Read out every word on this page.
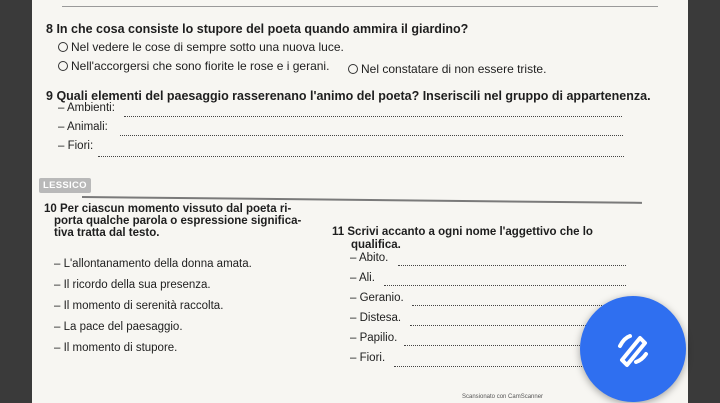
8 In che cosa consiste lo stupore del poeta quando ammira il giardino?
Nel vedere le cose di sempre sotto una nuova luce.
Nell'accorgersi che sono fiorite le rose e i gerani.	Nel constatare di non essere triste.
9 Quali elementi del paesaggio rasserenano l'animo del poeta? Inseriscili nel gruppo di appartenenza.
– Ambienti:
– Animali:
– Fiori:
LESSICO
10 Per ciascun momento vissuto dal poeta ri-
porta qualche parola o espressione significa-
tiva tratta dal testo.
– L'allontanamento della donna amata.
– Il ricordo della sua presenza.
– Il momento di serenità raccolta.
– La pace del paesaggio.
– Il momento di stupore.
11 Scrivi accanto a ogni nome l'aggettivo che lo
qualifica.
– Abito.
– Ali.
– Geranio.
– Distesa.
– Papilio.
– Fiori.
Scansionato con CamScanner
